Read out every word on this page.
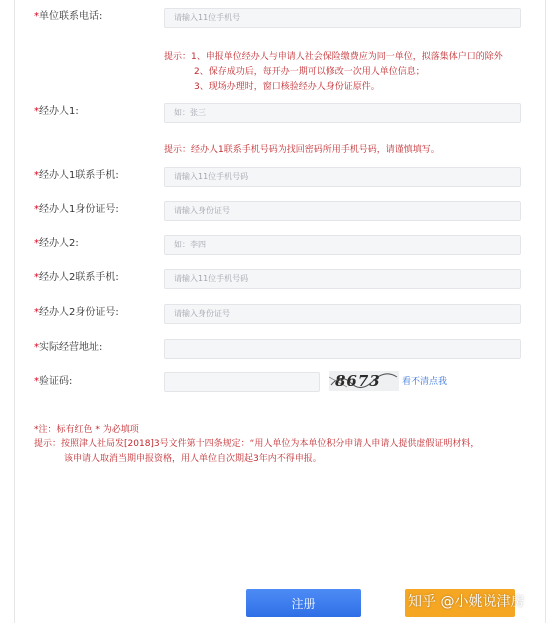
*单位联系电话:
请输入11位手机号
提示：1、申报单位经办人与申请人社会保险缴费应为同一单位，拟落集体户口的除外
2、保存成功后，每开办一期可以修改一次用人单位信息；
3、现场办理时，窗口核验经办人身份证原件。
*经办人1:
如：张三
提示：经办人1联系手机号码为找回密码所用手机号码，请谨慎填写。
*经办人1联系手机:
请输入11位手机号码
*经办人1身份证号:
请输入身份证号
*经办人2:
如：李四
*经办人2联系手机:
请输入11位手机号码
*经办人2身份证号:
请输入身份证号
*实际经营地址:
*验证码:	8673 看不清点我
*注：标有红色 * 为必填项
提示：按照津人社局发[2018]3号文件第十四条规定：“用人单位为本单位积分申请人申请人提供虚假证明材料，
该申请人取消当期申报资格，用人单位自次期起3年内不得申报。
注册	知乎 @小姚说津房
